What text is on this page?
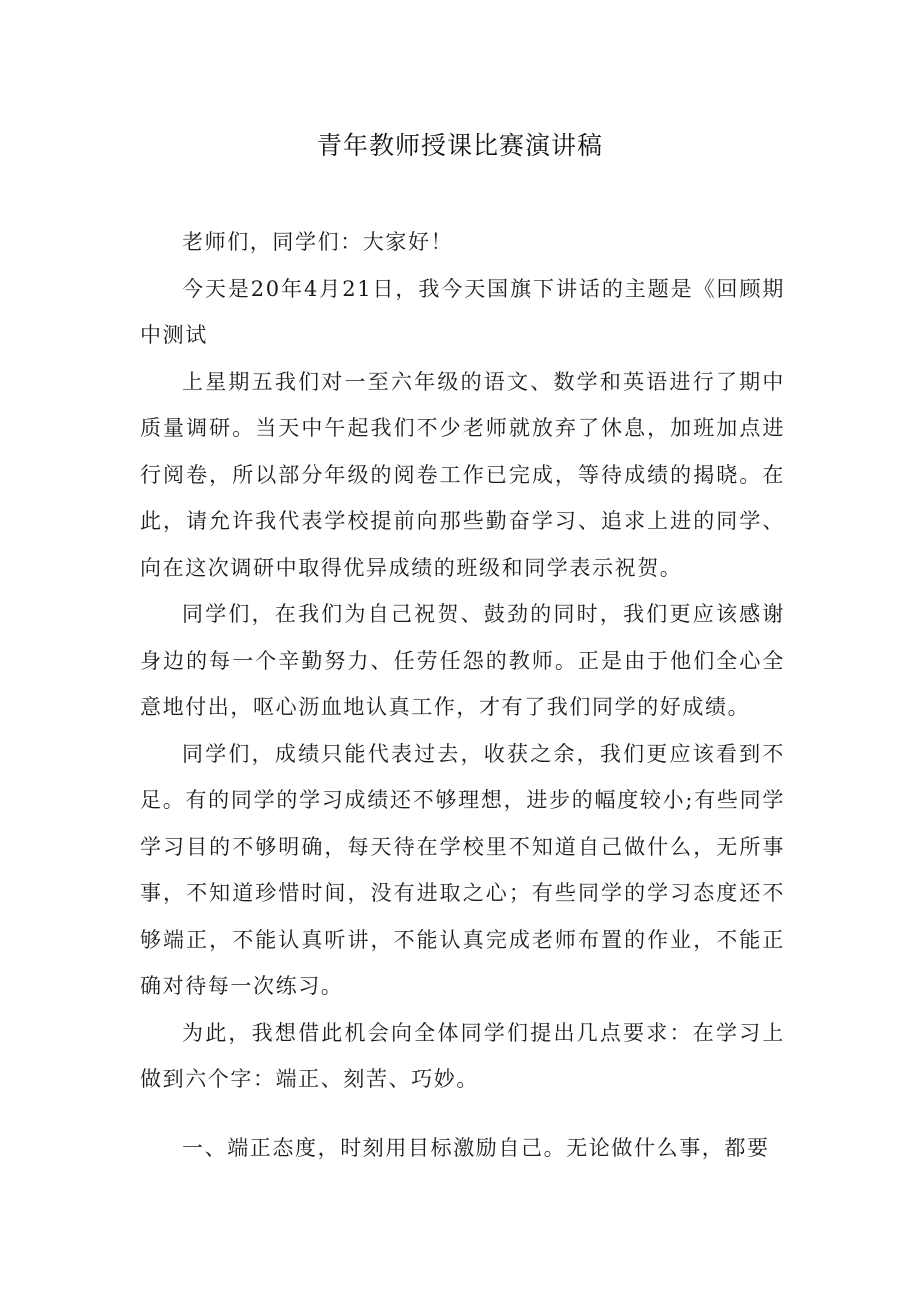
青年教师授课比赛演讲稿

老师们，同学们：大家好！

今天是20年4月21日，我今天国旗下讲话的主题是《回顾期中测试

上星期五我们对一至六年级的语文、数学和英语进行了期中质量调研。当天中午起我们不少老师就放弃了休息，加班加点进行阅卷，所以部分年级的阅卷工作已完成，等待成绩的揭晓。在此，请允许我代表学校提前向那些勤奋学习、追求上进的同学、向在这次调研中取得优异成绩的班级和同学表示祝贺。

同学们，在我们为自己祝贺、鼓劲的同时，我们更应该感谢身边的每一个辛勤努力、任劳任怨的教师。正是由于他们全心全意地付出，呕心沥血地认真工作，才有了我们同学的好成绩。

同学们，成绩只能代表过去，收获之余，我们更应该看到不足。有的同学的学习成绩还不够理想，进步的幅度较小;有些同学学习目的不够明确，每天待在学校里不知道自己做什么，无所事事，不知道珍惜时间，没有进取之心；有些同学的学习态度还不够端正，不能认真听讲，不能认真完成老师布置的作业，不能正确对待每一次练习。

为此，我想借此机会向全体同学们提出几点要求：在学习上做到六个字：端正、刻苦、巧妙。

一、端正态度，时刻用目标激励自己。无论做什么事，都要
